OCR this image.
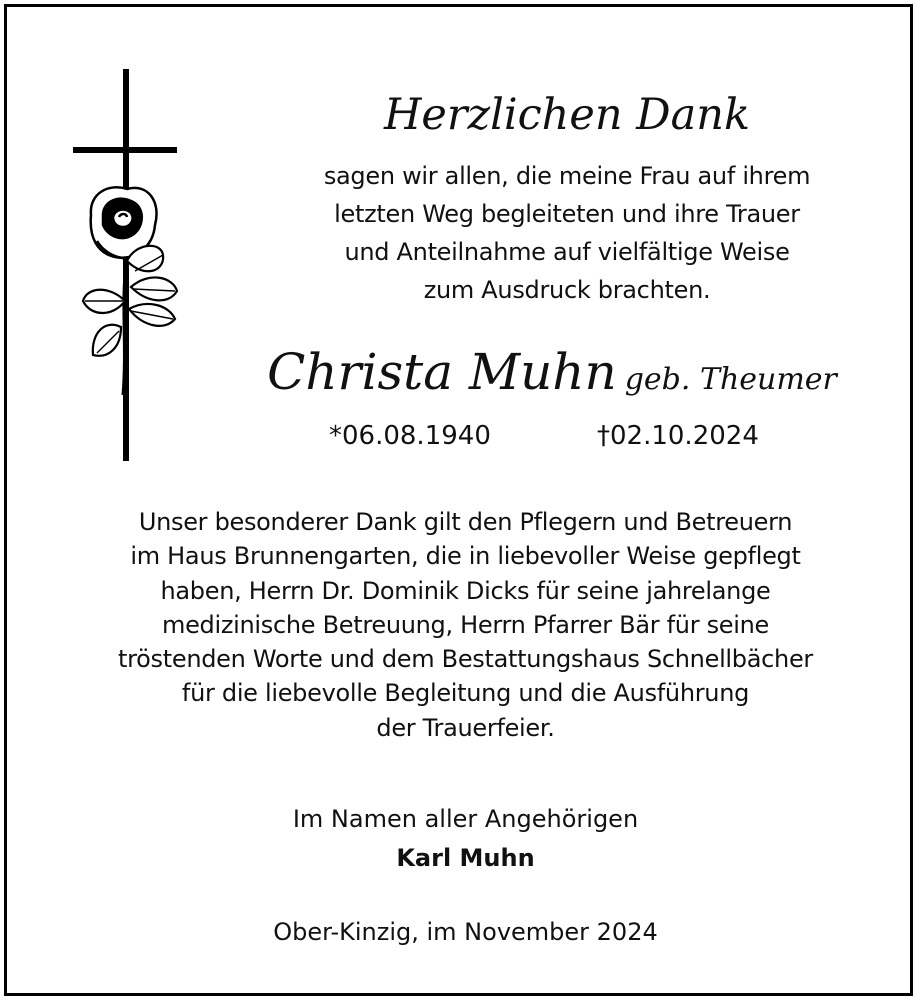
Herzlichen Dank
sagen wir allen, die meine Frau auf ihrem
letzten Weg begleiteten und ihre Trauer
und Anteilnahme auf vielfältige Weise
zum Ausdruck brachten.
Christa Muhn geb. Theumer
*06.08.1940	†02.10.2024
Unser besonderer Dank gilt den Pflegern und Betreuern
im Haus Brunnengarten, die in liebevoller Weise gepflegt
haben, Herrn Dr. Dominik Dicks für seine jahrelange
medizinische Betreuung, Herrn Pfarrer Bär für seine
tröstenden Worte und dem Bestattungshaus Schnellbächer
für die liebevolle Begleitung und die Ausführung
der Trauerfeier.
Im Namen aller Angehörigen
Karl Muhn
Ober-Kinzig, im November 2024
